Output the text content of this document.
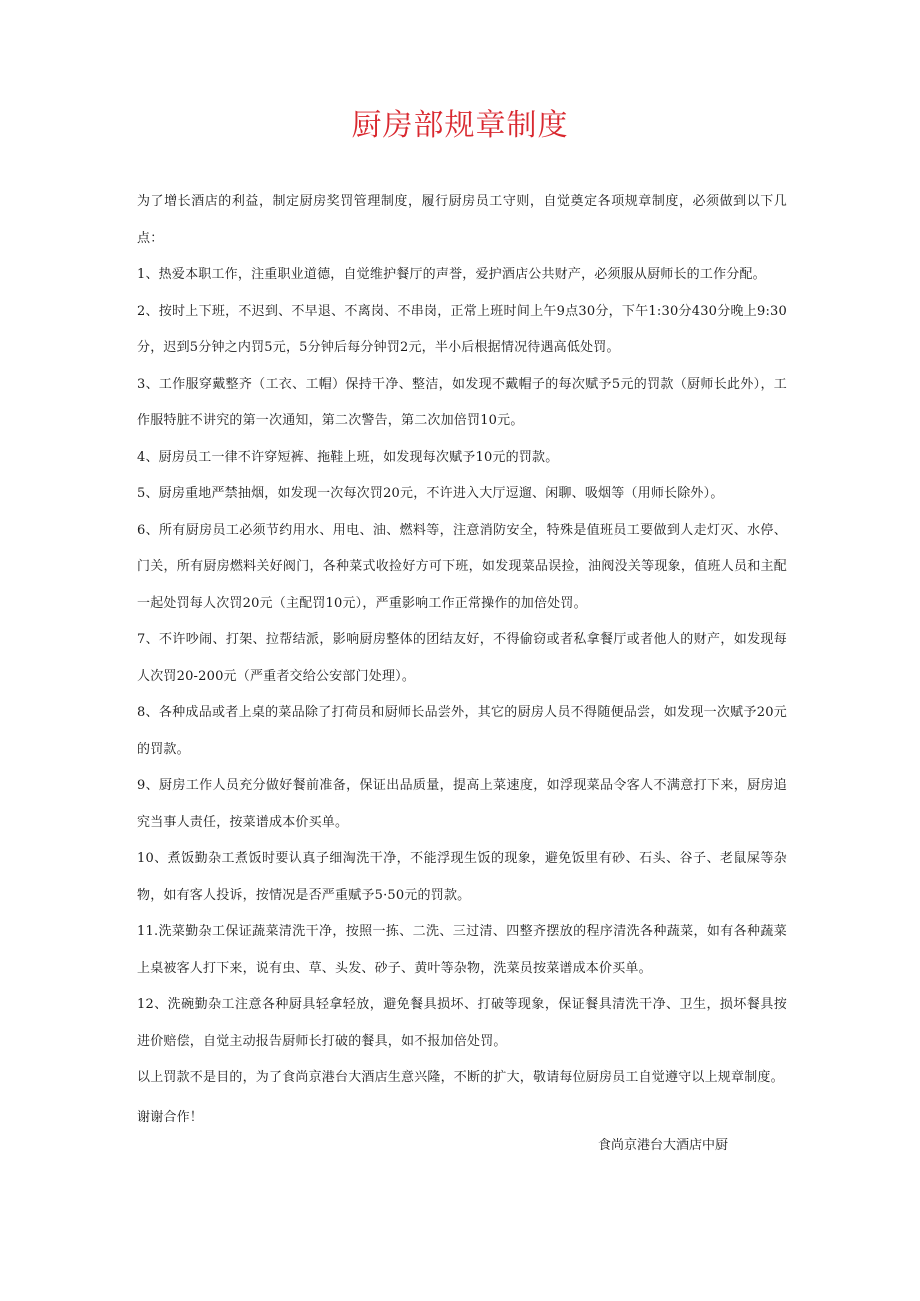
厨房部规章制度

为了增长酒店的利益，制定厨房奖罚管理制度，履行厨房员工守则，自觉奠定各项规章制度，必须做到以下几点：

1、热爱本职工作，注重职业道德，自觉维护餐厅的声誉，爱护酒店公共财产，必须服从厨师长的工作分配。

2、按时上下班，不迟到、不早退、不离岗、不串岗，正常上班时间上午9点30分，下午1:30分430分晚上9:30分，迟到5分钟之内罚5元，5分钟后每分钟罚2元，半小后根据情况待遇高低处罚。

3、工作服穿戴整齐（工衣、工帽）保持干净、整洁，如发现不戴帽子的每次赋予5元的罚款（厨师长此外），工作服特脏不讲究的第一次通知，第二次警告，第二次加倍罚10元。

4、厨房员工一律不许穿短裤、拖鞋上班，如发现每次赋予10元的罚款。

5、厨房重地严禁抽烟，如发现一次每次罚20元，不许进入大厅逗遛、闲聊、吸烟等（用师长除外）。

6、所有厨房员工必须节约用水、用电、油、燃料等，注意消防安全，特殊是值班员工要做到人走灯灭、水停、门关，所有厨房燃料关好阀门，各种菜式收捡好方可下班，如发现菜品误捡，油阀没关等现象，值班人员和主配一起处罚每人次罚20元（主配罚10元），严重影响工作正常操作的加倍处罚。

7、不许吵闹、打架、拉帮结派，影响厨房整体的团结友好，不得偷窃或者私拿餐厅或者他人的财产，如发现每人次罚20-200元（严重者交给公安部门处理）。

8、各种成品或者上桌的菜品除了打荷员和厨师长品尝外，其它的厨房人员不得随便品尝，如发现一次赋予20元的罚款。

9、厨房工作人员充分做好餐前准备，保证出品质量，提高上菜速度，如浮现菜品令客人不满意打下来，厨房追究当事人责任，按菜谱成本价买单。

10、煮饭勤杂工煮饭时要认真子细淘洗干净，不能浮现生饭的现象，避免饭里有砂、石头、谷子、老鼠屎等杂物，如有客人投诉，按情况是否严重赋予5·50元的罚款。

11.洗菜勤杂工保证蔬菜清洗干净，按照一拣、二洗、三过清、四整齐摆放的程序清洗各种蔬菜，如有各种蔬菜上桌被客人打下来，说有虫、草、头发、砂子、黄叶等杂物，洗菜员按菜谱成本价买单。

12、洗碗勤杂工注意各种厨具轻拿轻放，避免餐具损坏、打破等现象，保证餐具清洗干净、卫生，损坏餐具按进价赔偿，自觉主动报告厨师长打破的餐具，如不报加倍处罚。

以上罚款不是目的，为了食尚京港台大酒店生意兴隆，不断的扩大，敬请每位厨房员工自觉遵守以上规章制度。

谢谢合作！

食尚京港台大酒店中厨
